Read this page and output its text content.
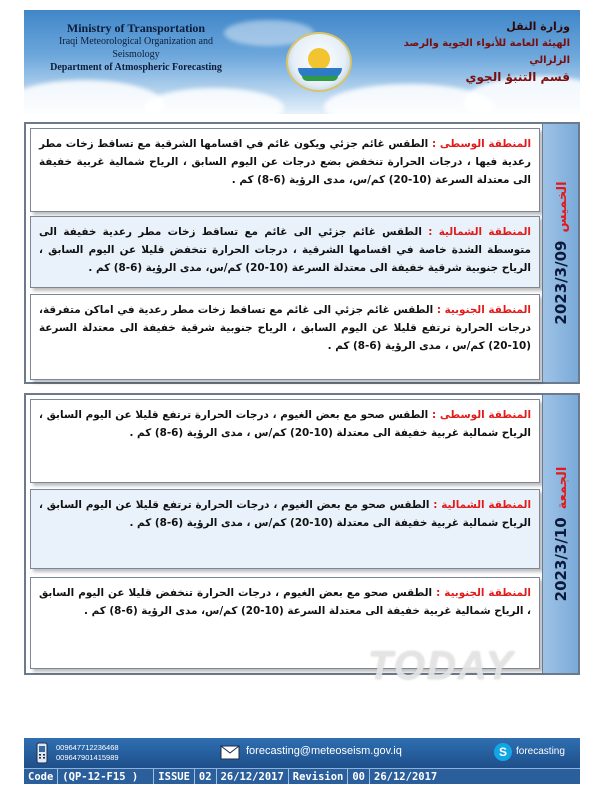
Ministry of Transportation
Iraqi Meteorological Organization and Seismology
Department of Atmospheric Forecasting
وزارة النقل
الهيئة العامة للأنواء الجوية والرصد الزلزالي
قسم التنبؤ الجوي
المنطقة الوسطى : الطقس غائم جزئي ويكون غائم في اقسامها الشرقية مع تساقط زخات مطر رعدية فيها ، درجات الحرارة تنخفض بضع درجات عن اليوم السابق ، الرياح شمالية غربية خفيفة الى معتدلة السرعة (10-20) كم/س، مدى الرؤية (6-8) كم .
المنطقة الشمالية : الطقس غائم جزئي الى غائم مع تساقط زخات مطر رعدية خفيفة الى متوسطة الشدة خاصة في اقسامها الشرقية ، درجات الحرارة تنخفض قليلا عن اليوم السابق ، الرياح جنوبية شرقية خفيفة الى معتدلة السرعة (10-20) كم/س، مدى الرؤية (6-8) كم .
المنطقة الجنوبية : الطقس غائم جزئي الى غائم مع تساقط زخات مطر رعدية في اماكن متفرقة، درجات الحرارة ترتفع قليلا عن اليوم السابق ، الرياح جنوبية شرقية خفيفة الى معتدلة السرعة (10-20) كم/س ، مدى الرؤية (6-8) كم .
2023/3/09الخميس
المنطقة الوسطى : الطقس صحو مع بعض الغيوم ، درجات الحرارة ترتفع قليلا عن اليوم السابق ، الرياح شمالية غربية خفيفة الى معتدلة (10-20) كم/س ، مدى الرؤية (6-8) كم .
المنطقة الشمالية : الطقس صحو مع بعض الغيوم ، درجات الحرارة ترتفع قليلا عن اليوم السابق ، الرياح شمالية غربية خفيفة الى معتدلة (10-20) كم/س ، مدى الرؤية (6-8) كم .
المنطقة الجنوبية : الطقس صحو مع بعض الغيوم ، درجات الحرارة تنخفض قليلا عن اليوم السابق ، الرياح شمالية غربية خفيفة الى معتدلة السرعة (10-20) كم/س، مدى الرؤية (6-8) كم .
2023/3/10الجمعة
TODAY
009647712236468
009647901415989
forecasting@meteoseism.gov.iq	S forecasting
Code (QP-12-F15 )	ISSUE 02 26/12/2017 Revision 00 26/12/2017
